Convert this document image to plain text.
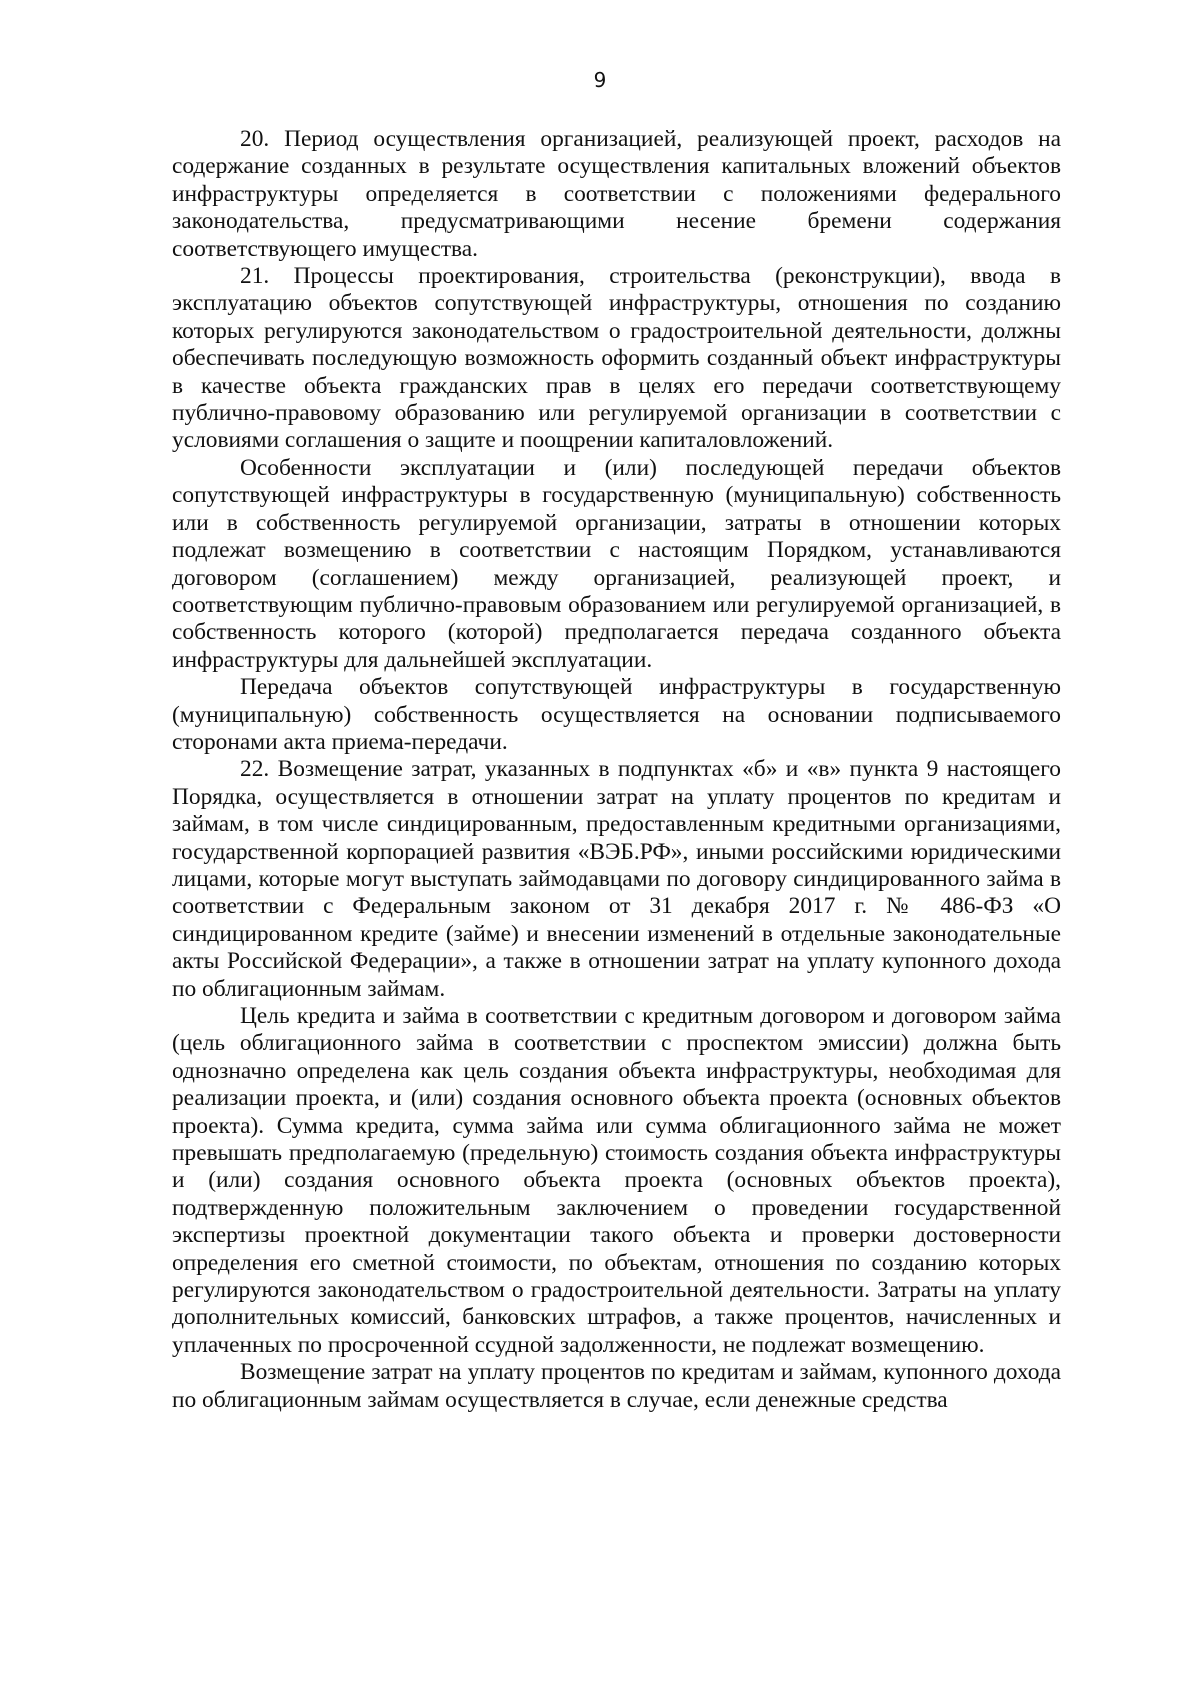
9

20. Период осуществления организацией, реализующей проект, расходов на содержание созданных в результате осуществления капитальных вложений объектов инфраструктуры определяется в соответствии с положениями федерального законодательства, предусматривающими несение бремени содержания соответствующего имущества.

21. Процессы проектирования, строительства (реконструкции), ввода в эксплуатацию объектов сопутствующей инфраструктуры, отношения по созданию которых регулируются законодательством о градостроительной деятельности, должны обеспечивать последующую возможность оформить созданный объект инфраструктуры в качестве объекта гражданских прав в целях его передачи соответствующему публично-правовому образованию или регулируемой организации в соответствии с условиями соглашения о защите и поощрении капиталовложений.

Особенности эксплуатации и (или) последующей передачи объектов сопутствующей инфраструктуры в государственную (муниципальную) собственность или в собственность регулируемой организации, затраты в отношении которых подлежат возмещению в соответствии с настоящим Порядком, устанавливаются договором (соглашением) между организацией, реализующей проект, и соответствующим публично-правовым образованием или регулируемой организацией, в собственность которого (которой) предполагается передача созданного объекта инфраструктуры для дальнейшей эксплуатации.

Передача объектов сопутствующей инфраструктуры в государственную (муниципальную) собственность осуществляется на основании подписываемого сторонами акта приема-передачи.

22. Возмещение затрат, указанных в подпунктах «б» и «в» пункта 9 настоящего Порядка, осуществляется в отношении затрат на уплату процентов по кредитам и займам, в том числе синдицированным, предоставленным кредитными организациями, государственной корпорацией развития «ВЭБ.РФ», иными российскими юридическими лицами, которые могут выступать займодавцами по договору синдицированного займа в соответствии с Федеральным законом от 31 декабря 2017 г. № 486-ФЗ «О синдицированном кредите (займе) и внесении изменений в отдельные законодательные акты Российской Федерации», а также в отношении затрат на уплату купонного дохода по облигационным займам.

Цель кредита и займа в соответствии с кредитным договором и договором займа (цель облигационного займа в соответствии с проспектом эмиссии) должна быть однозначно определена как цель создания объекта инфраструктуры, необходимая для реализации проекта, и (или) создания основного объекта проекта (основных объектов проекта). Сумма кредита, сумма займа или сумма облигационного займа не может превышать предполагаемую (предельную) стоимость создания объекта инфраструктуры и (или) создания основного объекта проекта (основных объектов проекта), подтвержденную положительным заключением о проведении государственной экспертизы проектной документации такого объекта и проверки достоверности определения его сметной стоимости, по объектам, отношения по созданию которых регулируются законодательством о градостроительной деятельности. Затраты на уплату дополнительных комиссий, банковских штрафов, а также процентов, начисленных и уплаченных по просроченной ссудной задолженности, не подлежат возмещению.

Возмещение затрат на уплату процентов по кредитам и займам, купонного дохода по облигационным займам осуществляется в случае, если денежные средства
